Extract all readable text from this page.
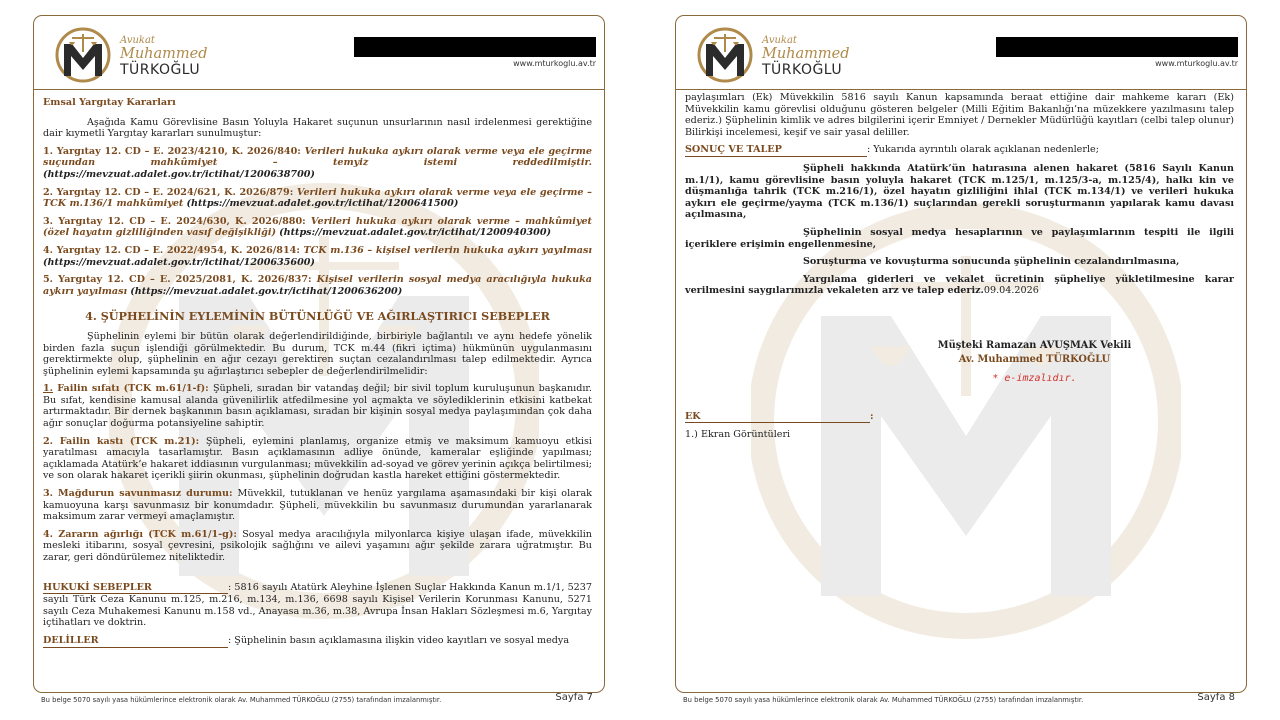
Avukat
Muhammed
TÜRKOĞLU	www.mturkoglu.av.tr

Emsal Yargıtay Kararları

Aşağıda Kamu Görevlisine Basın Yoluyla Hakaret suçunun unsurlarının nasıl irdelenmesi gerektiğine dair kıymetli Yargıtay kararları sunulmuştur:

1. Yargıtay 12. CD – E. 2023/4210, K. 2026/840: Verileri hukuka aykırı olarak verme veya ele geçirme suçundan mahkûmiyet – temyiz istemi reddedilmiştir. (https://mevzuat.adalet.gov.tr/ictihat/1200638700)

2. Yargıtay 12. CD – E. 2024/621, K. 2026/879: Verileri hukuka aykırı olarak verme veya ele geçirme – TCK m.136/1 mahkûmiyet (https://mevzuat.adalet.gov.tr/ictihat/1200641500)

3. Yargıtay 12. CD – E. 2024/630, K. 2026/880: Verileri hukuka aykırı olarak verme – mahkûmiyet (özel hayatın gizliliğinden vasıf değişikliği) (https://mevzuat.adalet.gov.tr/ictihat/1200940300)

4. Yargıtay 12. CD – E. 2022/4954, K. 2026/814: TCK m.136 – kişisel verilerin hukuka aykırı yayılması (https://mevzuat.adalet.gov.tr/ictihat/1200635600)

5. Yargıtay 12. CD – E. 2025/2081, K. 2026/837: Kişisel verilerin sosyal medya aracılığıyla hukuka aykırı yayılması (https://mevzuat.adalet.gov.tr/ictihat/1200636200)

4. ŞÜPHELİNİN EYLEMİNİN BÜTÜNLÜĞÜ VE AĞIRLAŞTIRICI SEBEPLER

Şüphelinin eylemi bir bütün olarak değerlendirildiğinde, birbiriyle bağlantılı ve aynı hedefe yönelik birden fazla suçun işlendiği görülmektedir. Bu durum, TCK m.44 (fikri içtima) hükmünün uygulanmasını gerektirmekte olup, şüphelinin en ağır cezayı gerektiren suçtan cezalandırılması talep edilmektedir. Ayrıca şüphelinin eylemi kapsamında şu ağırlaştırıcı sebepler de değerlendirilmelidir:

1. Failin sıfatı (TCK m.61/1-f): Şüpheli, sıradan bir vatandaş değil; bir sivil toplum kuruluşunun başkanıdır. Bu sıfat, kendisine kamusal alanda güvenilirlik atfedilmesine yol açmakta ve söylediklerinin etkisini katbekat artırmaktadır. Bir dernek başkanının basın açıklaması, sıradan bir kişinin sosyal medya paylaşımından çok daha ağır sonuçlar doğurma potansiyeline sahiptir.

2. Failin kastı (TCK m.21): Şüpheli, eylemini planlamış, organize etmiş ve maksimum kamuoyu etkisi yaratılması amacıyla tasarlamıştır. Basın açıklamasının adliye önünde, kameralar eşliğinde yapılması; açıklamada Atatürk’e hakaret iddiasının vurgulanması; müvekkilin ad-soyad ve görev yerinin açıkça belirtilmesi; ve son olarak hakaret içerikli şiirin okunması, şüphelinin doğrudan kastla hareket ettiğini göstermektedir.

3. Mağdurun savunmasız durumu: Müvekkil, tutuklanan ve henüz yargılama aşamasındaki bir kişi olarak kamuoyuna karşı savunmasız bir konumdadır. Şüpheli, müvekkilin bu savunmasız durumundan yararlanarak maksimum zarar vermeyi amaçlamıştır.

4. Zararın ağırlığı (TCK m.61/1-g): Sosyal medya aracılığıyla milyonlarca kişiye ulaşan ifade, müvekkilin mesleki itibarını, sosyal çevresini, psikolojik sağlığını ve ailevi yaşamını ağır şekilde zarara uğratmıştır. Bu zarar, geri döndürülemez niteliktedir.

HUKUKİ SEBEPLER	: 5816 sayılı Atatürk Aleyhine İşlenen Suçlar Hakkında Kanun m.1/1, 5237 sayılı Türk Ceza Kanunu m.125, m.216, m.134, m.136, 6698 sayılı Kişisel Verilerin Korunması Kanunu, 5271 sayılı Ceza Muhakemesi Kanunu m.158 vd., Anayasa m.36, m.38, Avrupa İnsan Hakları Sözleşmesi m.6, Yargıtay içtihatları ve doktrin.

DELİLLER	: Şüphelinin basın açıklamasına ilişkin video kayıtları ve sosyal medya

Bu belge 5070 sayılı yasa hükümlerince elektronik olarak Av. Muhammed TÜRKOĞLU (2755) tarafından imzalanmıştır.	Sayfa 7
Avukat
Muhammed
TÜRKOĞLU	www.mturkoglu.av.tr

paylaşımları (Ek) Müvekkilin 5816 sayılı Kanun kapsamında beraat ettiğine dair mahkeme kararı (Ek) Müvekkilin kamu görevlisi olduğunu gösteren belgeler (Milli Eğitim Bakanlığı’na müzekkere yazılmasını talep ederiz.) Şüphelinin kimlik ve adres bilgilerini içerir Emniyet / Dernekler Müdürlüğü kayıtları (celbi talep olunur) Bilirkişi incelemesi, keşif ve sair yasal deliller.

SONUÇ VE TALEP	: Yukarıda ayrıntılı olarak açıklanan nedenlerle;

Şüpheli hakkında Atatürk’ün hatırasına alenen hakaret (5816 Sayılı Kanun m.1/1), kamu görevlisine basın yoluyla hakaret (TCK m.125/1, m.125/3-a, m.125/4), halkı kin ve düşmanlığa tahrik (TCK m.216/1), özel hayatın gizliliğini ihlal (TCK m.134/1) ve verileri hukuka aykırı ele geçirme/yayma (TCK m.136/1) suçlarından gerekli soruşturmanın yapılarak kamu davası açılmasına,

Şüphelinin sosyal medya hesaplarının ve paylaşımlarının tespiti ile ilgili içeriklere erişimin engellenmesine,

Soruşturma ve kovuşturma sonucunda şüphelinin cezalandırılmasına,

Yargılama giderleri ve vekalet ücretinin şüpheliye yükletilmesine karar verilmesini saygılarımızla vekaleten arz ve talep ederiz.09.04.2026

Müşteki Ramazan AVUŞMAK Vekili
Av. Muhammed TÜRKOĞLU
* e-imzalıdır.

EK	:

1.) Ekran Görüntüleri

Bu belge 5070 sayılı yasa hükümlerince elektronik olarak Av. Muhammed TÜRKOĞLU (2755) tarafından imzalanmıştır.	Sayfa 8
